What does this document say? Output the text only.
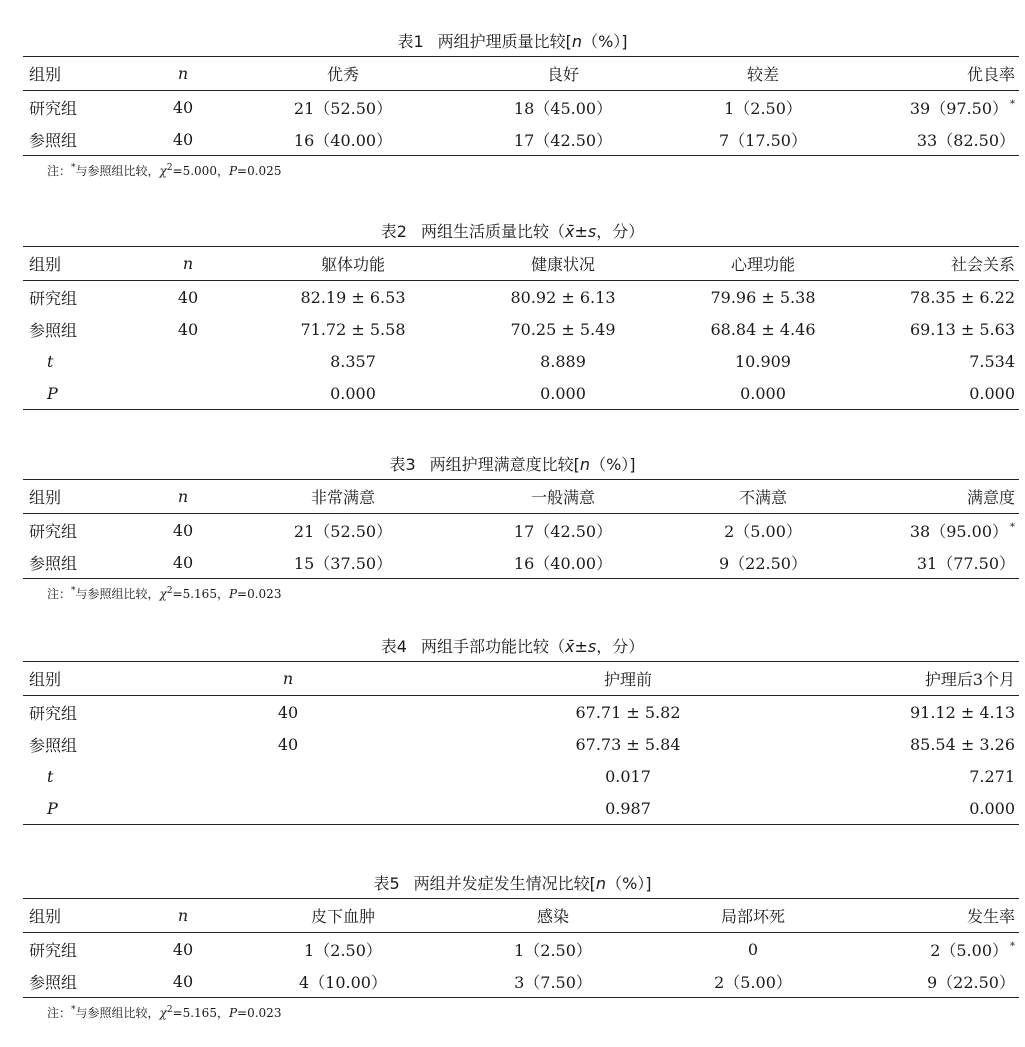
表1 两组护理质量比较[n（%）]
组别	n	优秀	良好	较差	优良率
研究组	40	21（52.50）	18（45.00）	1（2.50）	39（97.50） *
参照组	40	16（40.00）	17（42.50）	7（17.50）	33（82.50）
注：*与参照组比较，$\chi^2=5.000$，P=0.025
表2 两组生活质量比较（x̄±s，分）
组别	n	躯体功能	健康状况	心理功能	社会关系
研究组	40	82.19 ± 6.53	80.92 ± 6.13	79.96 ± 5.38	78.35 ± 6.22
参照组	40	71.72 ± 5.58	70.25 ± 5.49	68.84 ± 4.46	69.13 ± 5.63
t		8.357	8.889	10.909	7.534
P		0.000	0.000	0.000	0.000
表3 两组护理满意度比较[n（%）]
组别	n	非常满意	一般满意	不满意	满意度
研究组	40	21（52.50）	17（42.50）	2（5.00）	38（95.00） *
参照组	40	15（37.50）	16（40.00）	9（22.50）	31（77.50）
注：*与参照组比较，$\chi^2=5.165$，P=0.023
表4 两组手部功能比较（x̄±s，分）
组别	n	护理前	护理后3个月
研究组	40	67.71 ± 5.82	91.12 ± 4.13
参照组	40	67.73 ± 5.84	85.54 ± 3.26
t		0.017	7.271
P		0.987	0.000
表5 两组并发症发生情况比较[n（%）]
组别	n	皮下血肿	感染	局部坏死	发生率
研究组	40	1（2.50）	1（2.50）	0	2（5.00） *
参照组	40	4（10.00）	3（7.50）	2（5.00）	9（22.50）
注：*与参照组比较，$\chi^2=5.165$，P=0.023
